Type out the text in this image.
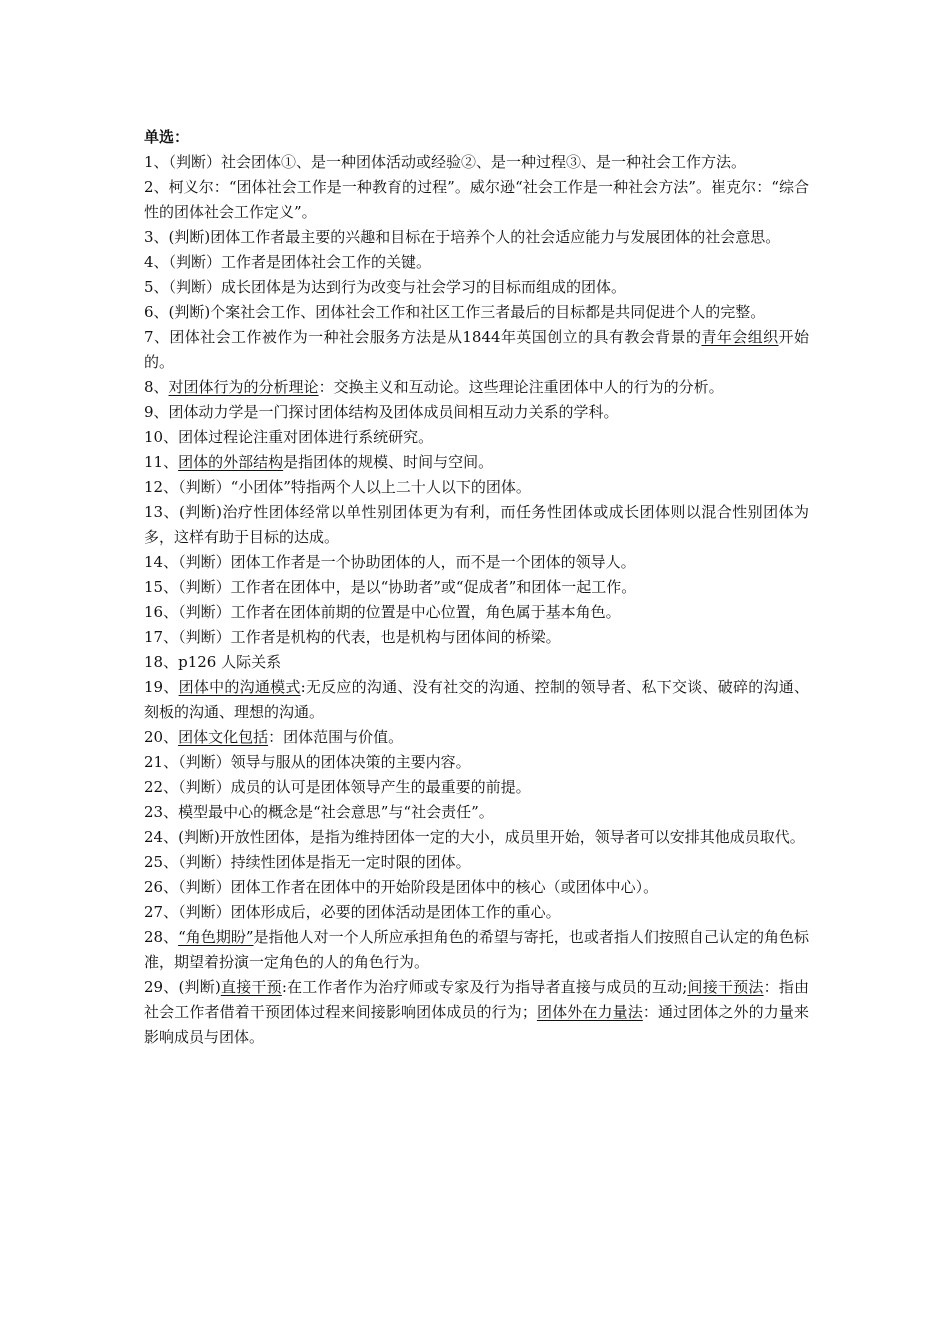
单选：

1、（判断）社会团体①、是一种团体活动或经验②、是一种过程③、是一种社会工作方法。

2、柯义尔：“团体社会工作是一种教育的过程”。威尔逊“社会工作是一种社会方法”。崔克尔：“综合性的团体社会工作定义”。

3、(判断)团体工作者最主要的兴趣和目标在于培养个人的社会适应能力与发展团体的社会意思。

4、（判断）工作者是团体社会工作的关键。

5、（判断）成长团体是为达到行为改变与社会学习的目标而组成的团体。

6、(判断)个案社会工作、团体社会工作和社区工作三者最后的目标都是共同促进个人的完整。

7、团体社会工作被作为一种社会服务方法是从1844年英国创立的具有教会背景的青年会组织开始的。

8、对团体行为的分析理论：交换主义和互动论。这些理论注重团体中人的行为的分析。

9、团体动力学是一门探讨团体结构及团体成员间相互动力关系的学科。

10、团体过程论注重对团体进行系统研究。

11、团体的外部结构是指团体的规模、时间与空间。

12、（判断）“小团体”特指两个人以上二十人以下的团体。

13、(判断)治疗性团体经常以单性别团体更为有利，而任务性团体或成长团体则以混合性别团体为多，这样有助于目标的达成。

14、（判断）团体工作者是一个协助团体的人，而不是一个团体的领导人。

15、（判断）工作者在团体中，是以“协助者”或“促成者”和团体一起工作。

16、（判断）工作者在团体前期的位置是中心位置，角色属于基本角色。

17、（判断）工作者是机构的代表，也是机构与团体间的桥梁。

18、p126 人际关系

19、团体中的沟通模式:无反应的沟通、没有社交的沟通、控制的领导者、私下交谈、破碎的沟通、刻板的沟通、理想的沟通。

20、团体文化包括：团体范围与价值。

21、（判断）领导与服从的团体决策的主要内容。

22、（判断）成员的认可是团体领导产生的最重要的前提。

23、模型最中心的概念是“社会意思”与“社会责任”。

24、(判断)开放性团体，是指为维持团体一定的大小，成员里开始，领导者可以安排其他成员取代。

25、（判断）持续性团体是指无一定时限的团体。

26、（判断）团体工作者在团体中的开始阶段是团体中的核心（或团体中心）。

27、（判断）团体形成后，必要的团体活动是团体工作的重心。

28、“角色期盼”是指他人对一个人所应承担角色的希望与寄托，也或者指人们按照自己认定的角色标准，期望着扮演一定角色的人的角色行为。

29、(判断)直接干预:在工作者作为治疗师或专家及行为指导者直接与成员的互动;间接干预法：指由社会工作者借着干预团体过程来间接影响团体成员的行为；团体外在力量法：通过团体之外的力量来影响成员与团体。
